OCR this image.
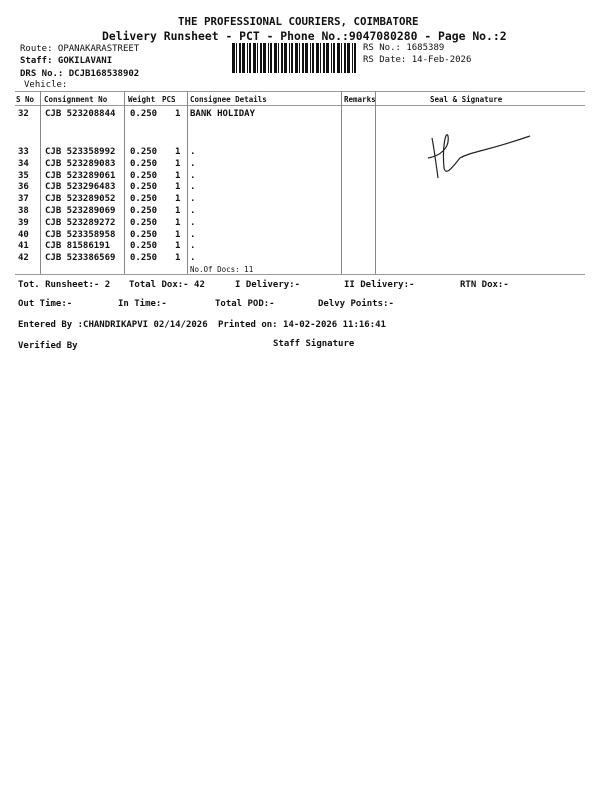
THE PROFESSIONAL COURIERS, COIMBATORE
Delivery Runsheet - PCT - Phone No.:9047080280 - Page No.:2
Route: OPANAKARASTREET
Staff: GOKILAVANI
DRS No.: DCJB168538902
Vehicle:
RS No.: 1685389
RS Date: 14-Feb-2026
S No Consignment No	Weight PCS Consignee Details	Remarks	Seal & Signature
32 CJB 523208844 0.250 1 BANK HOLIDAY
33 CJB 523358992 0.250 1 .
34 CJB 523289083 0.250 1 .
35 CJB 523289061 0.250 1 .
36 CJB 523296483 0.250 1 .
37 CJB 523289052 0.250 1 .
38 CJB 523289069 0.250 1 .
39 CJB 523289272 0.250 1 .
40 CJB 523358958 0.250 1 .
41 CJB 81586191 0.250 1 .
42 CJB 523386569 0.250 1 .
No.Of Docs: 11
Tot. Runsheet:- 2 Total Dox:- 42	I Delivery:-	II Delivery:-	RTN Dox:-
Out Time:-	In Time:-	Total POD:-	Delvy Points:-
Entered By :CHANDRIKAPVI 02/14/2026 Printed on: 14-02-2026 11:16:41
Verified By	Staff Signature
